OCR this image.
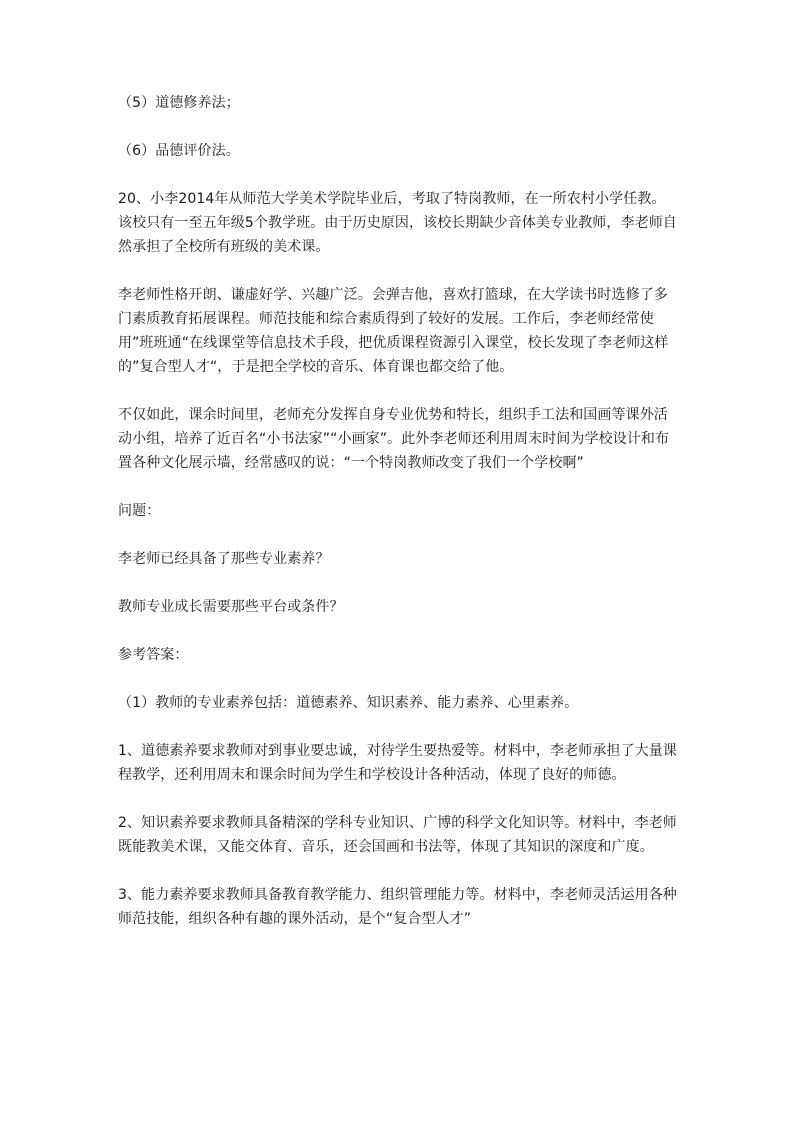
（5）道德修养法；

（6）品德评价法。

20、小李2014年从师范大学美术学院毕业后，考取了特岗教师，在一所农村小学任教。该校只有一至五年级5个教学班。由于历史原因，该校长期缺少音体美专业教师，李老师自然承担了全校所有班级的美术课。

李老师性格开朗、谦虚好学、兴趣广泛。会弹吉他，喜欢打篮球，在大学读书时选修了多门素质教育拓展课程。师范技能和综合素质得到了较好的发展。工作后，李老师经常使用”班班通“在线课堂等信息技术手段，把优质课程资源引入课堂，校长发现了李老师这样的”复合型人才“，于是把全学校的音乐、体育课也都交给了他。

不仅如此，课余时间里，老师充分发挥自身专业优势和特长，组织手工法和国画等课外活动小组，培养了近百名“小书法家”“小画家”。此外李老师还利用周末时间为学校设计和布置各种文化展示墙，经常感叹的说：“一个特岗教师改变了我们一个学校啊”

问题：

李老师已经具备了那些专业素养？

教师专业成长需要那些平台或条件？

参考答案：

（1）教师的专业素养包括：道德素养、知识素养、能力素养、心里素养。

1、道德素养要求教师对到事业要忠诚，对待学生要热爱等。材料中，李老师承担了大量课程教学，还利用周末和课余时间为学生和学校设计各种活动，体现了良好的师德。

2、知识素养要求教师具备精深的学科专业知识、广博的科学文化知识等。材料中，李老师既能教美术课，又能交体育、音乐，还会国画和书法等，体现了其知识的深度和广度。

3、能力素养要求教师具备教育教学能力、组织管理能力等。材料中，李老师灵活运用各种师范技能，组织各种有趣的课外活动，是个“复合型人才”
